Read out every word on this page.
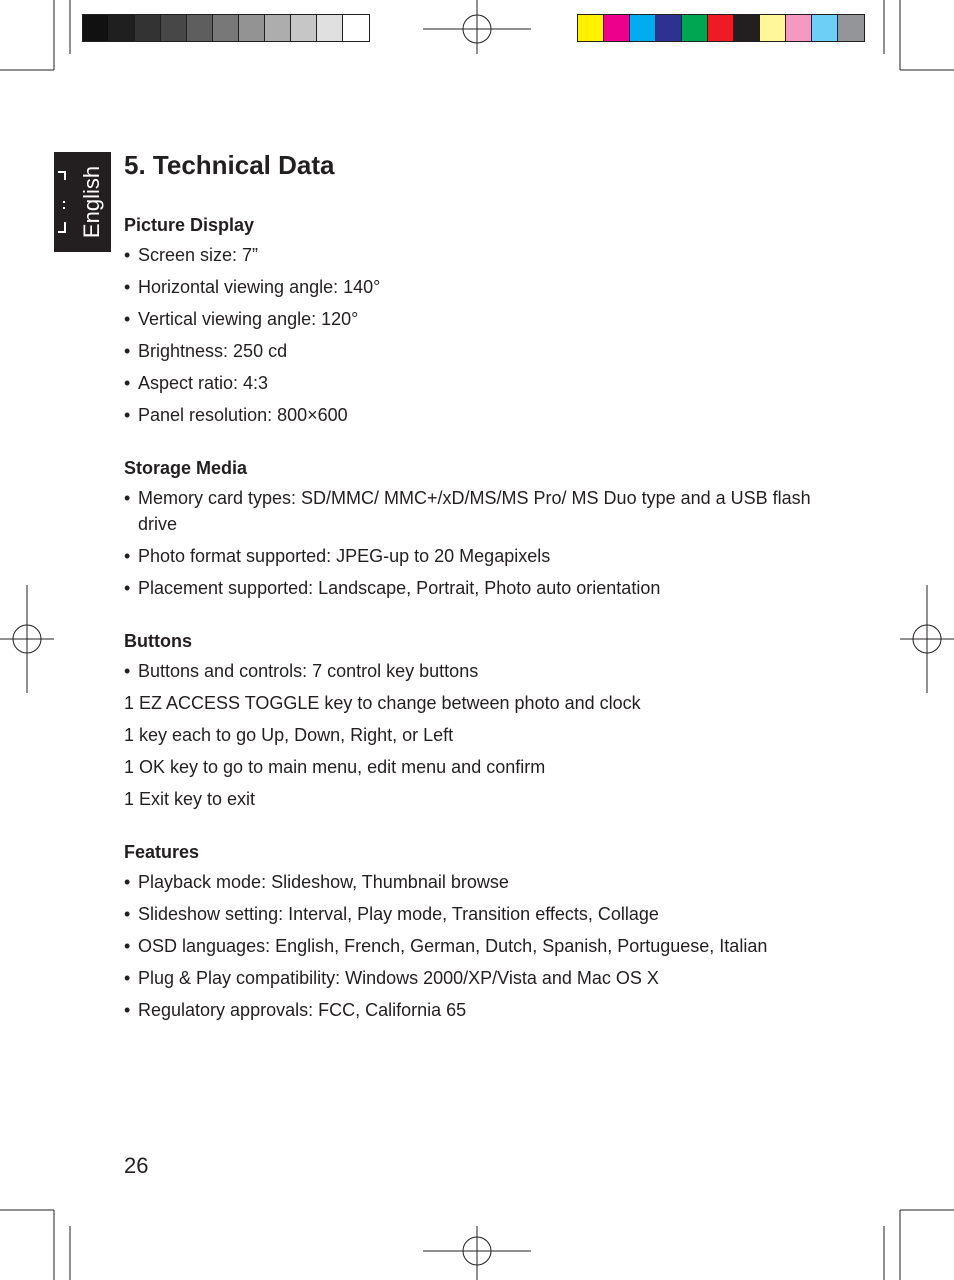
English
5. Technical Data
Picture Display
• Screen size: 7”
• Horizontal viewing angle: 140°
• Vertical viewing angle: 120°
• Brightness: 250 cd
• Aspect ratio: 4:3
• Panel resolution: 800×600
Storage Media
• Memory card types: SD/MMC/ MMC+/xD/MS/MS Pro/ MS Duo type and a USB flash drive
• Photo format supported: JPEG-up to 20 Megapixels
• Placement supported: Landscape, Portrait, Photo auto orientation
Buttons
• Buttons and controls: 7 control key buttons
1 EZ ACCESS TOGGLE key to change between photo and clock
1 key each to go Up, Down, Right, or Left
1 OK key to go to main menu, edit menu and confirm
1 Exit key to exit
Features
• Playback mode: Slideshow, Thumbnail browse
• Slideshow setting: Interval, Play mode, Transition effects, Collage
• OSD languages: English, French, German, Dutch, Spanish, Portuguese, Italian
• Plug & Play compatibility: Windows 2000/XP/Vista and Mac OS X
• Regulatory approvals: FCC, California 65
26
